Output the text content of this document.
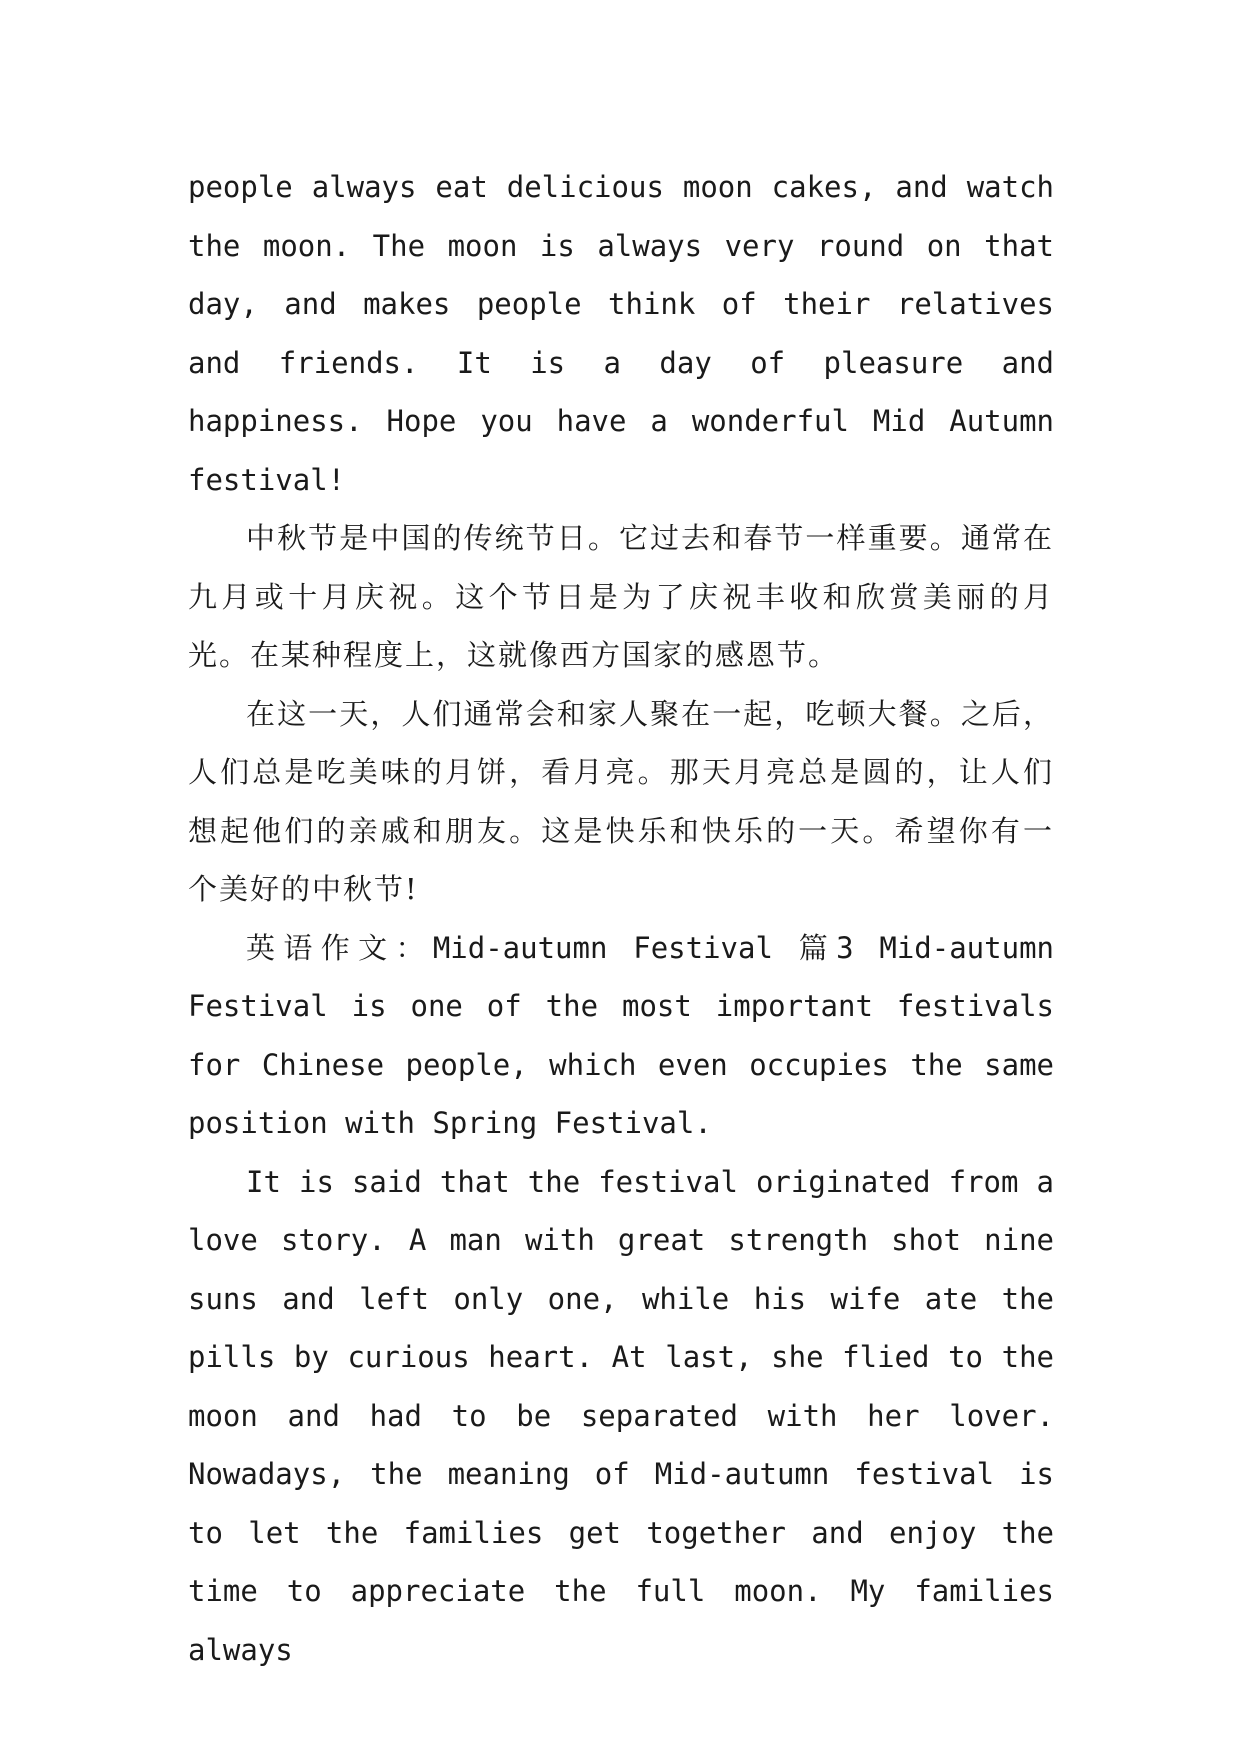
people always eat delicious moon cakes, and watch the moon. The moon is always very round on that day, and makes people think of their relatives and friends. It is a day of pleasure and happiness. Hope you have a wonderful Mid Autumn festival!

中秋节是中国的传统节日。它过去和春节一样重要。通常在九月或十月庆祝。这个节日是为了庆祝丰收和欣赏美丽的月光。在某种程度上，这就像西方国家的感恩节。

在这一天，人们通常会和家人聚在一起，吃顿大餐。之后，人们总是吃美味的月饼，看月亮。那天月亮总是圆的，让人们想起他们的亲戚和朋友。这是快乐和快乐的一天。希望你有一个美好的中秋节!

英语作文：Mid-autumn Festival 篇3 Mid-autumn Festival is one of the most important festivals for Chinese people, which even occupies the same position with Spring Festival.

It is said that the festival originated from a love story. A man with great strength shot nine suns and left only one, while his wife ate the pills by curious heart. At last, she flied to the moon and had to be separated with her lover. Nowadays, the meaning of Mid-autumn festival is to let the families get together and enjoy the time to appreciate the full moon. My families always
